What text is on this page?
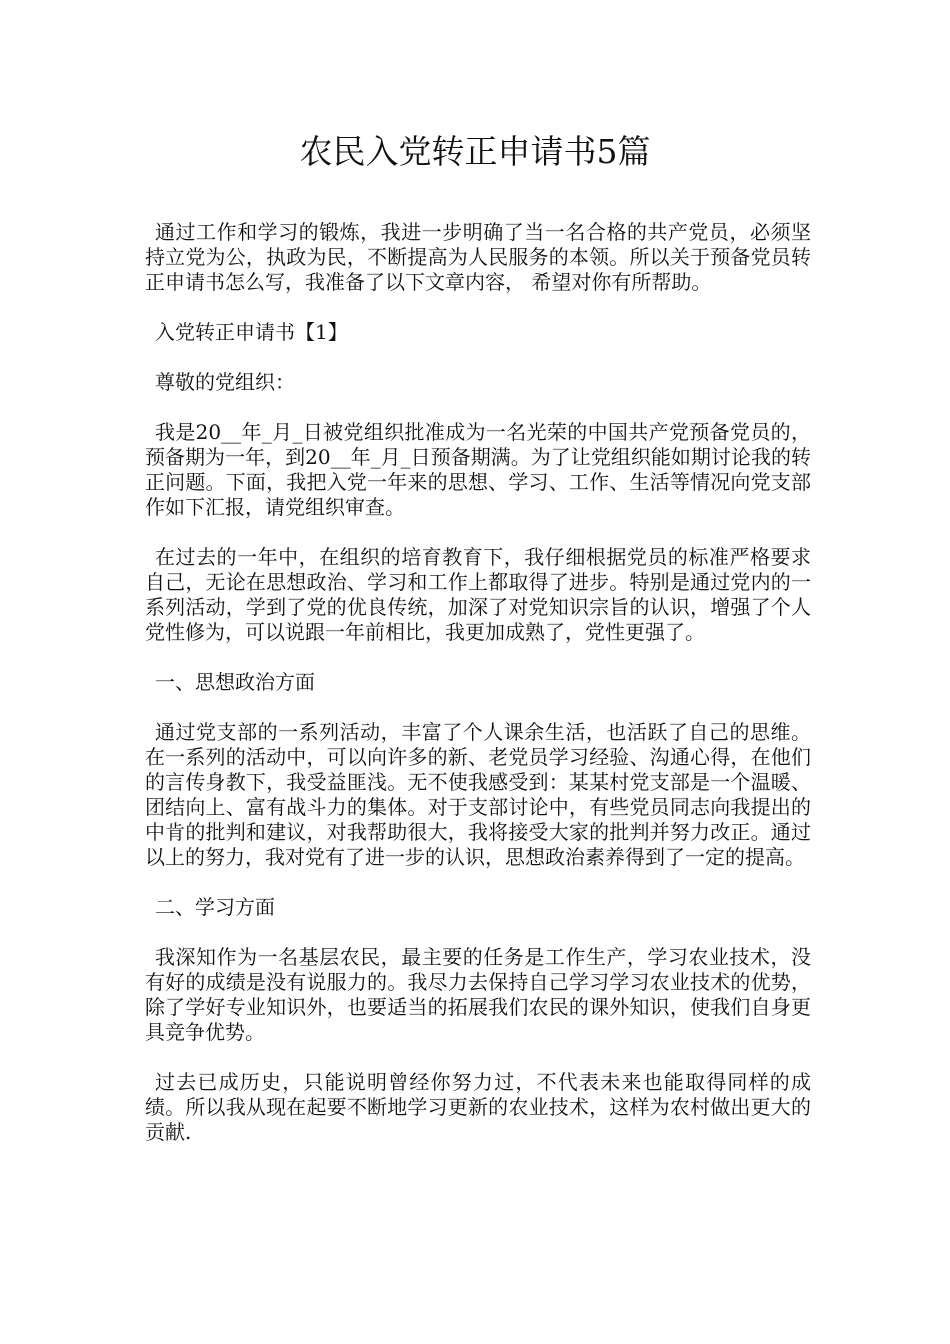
农民入党转正申请书5篇

通过工作和学习的锻炼，我进一步明确了当一名合格的共产党员，必须坚持立党为公，执政为民，不断提高为人民服务的本领。所以关于预备党员转正申请书怎么写，我准备了以下文章内容， 希望对你有所帮助。

入党转正申请书【1】

尊敬的党组织：

我是20__年_月_日被党组织批准成为一名光荣的中国共产党预备党员的，预备期为一年，到20__年_月_日预备期满。为了让党组织能如期讨论我的转正问题。下面，我把入党一年来的思想、学习、工作、生活等情况向党支部作如下汇报，请党组织审查。

在过去的一年中，在组织的培育教育下，我仔细根据党员的标准严格要求自己，无论在思想政治、学习和工作上都取得了进步。特别是通过党内的一系列活动，学到了党的优良传统，加深了对党知识宗旨的认识，增强了个人党性修为，可以说跟一年前相比，我更加成熟了，党性更强了。

一、思想政治方面

通过党支部的一系列活动，丰富了个人课余生活，也活跃了自己的思维。在一系列的活动中，可以向许多的新、老党员学习经验、沟通心得，在他们的言传身教下，我受益匪浅。无不使我感受到：某某村党支部是一个温暖、团结向上、富有战斗力的集体。对于支部讨论中，有些党员同志向我提出的中肯的批判和建议，对我帮助很大，我将接受大家的批判并努力改正。通过以上的努力，我对党有了进一步的认识，思想政治素养得到了一定的提高。

二、学习方面

我深知作为一名基层农民，最主要的任务是工作生产，学习农业技术，没有好的成绩是没有说服力的。我尽力去保持自己学习学习农业技术的优势，除了学好专业知识外，也要适当的拓展我们农民的课外知识，使我们自身更具竞争优势。

过去已成历史，只能说明曾经你努力过，不代表未来也能取得同样的成绩。所以我从现在起要不断地学习更新的农业技术，这样为农村做出更大的贡献.
